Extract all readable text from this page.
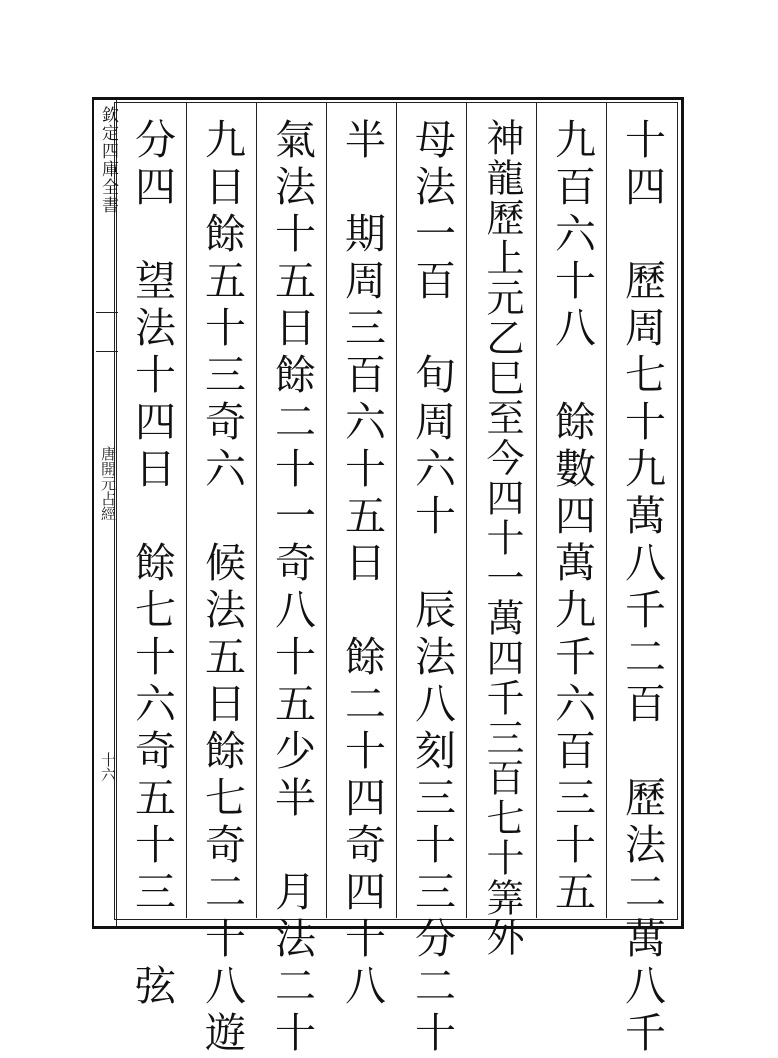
欽定四庫全書
唐開元占經
十六	十四　歷周七十九萬八千二百　歷法二萬八千
九百六十八　餘數四萬九千六百三十五
神龍歷上元乙巳至今四十一萬四千三百七十筭外
母法一百　旬周六十　辰法八刻三十三分二十
半　期周三百六十五日　餘二十四奇四十八
氣法十五日餘二十一奇八十五少半　月法二十
九日餘五十三奇六　候法五日餘七奇二十八遊
分四　望法十四日　餘七十六奇五十三　弦
